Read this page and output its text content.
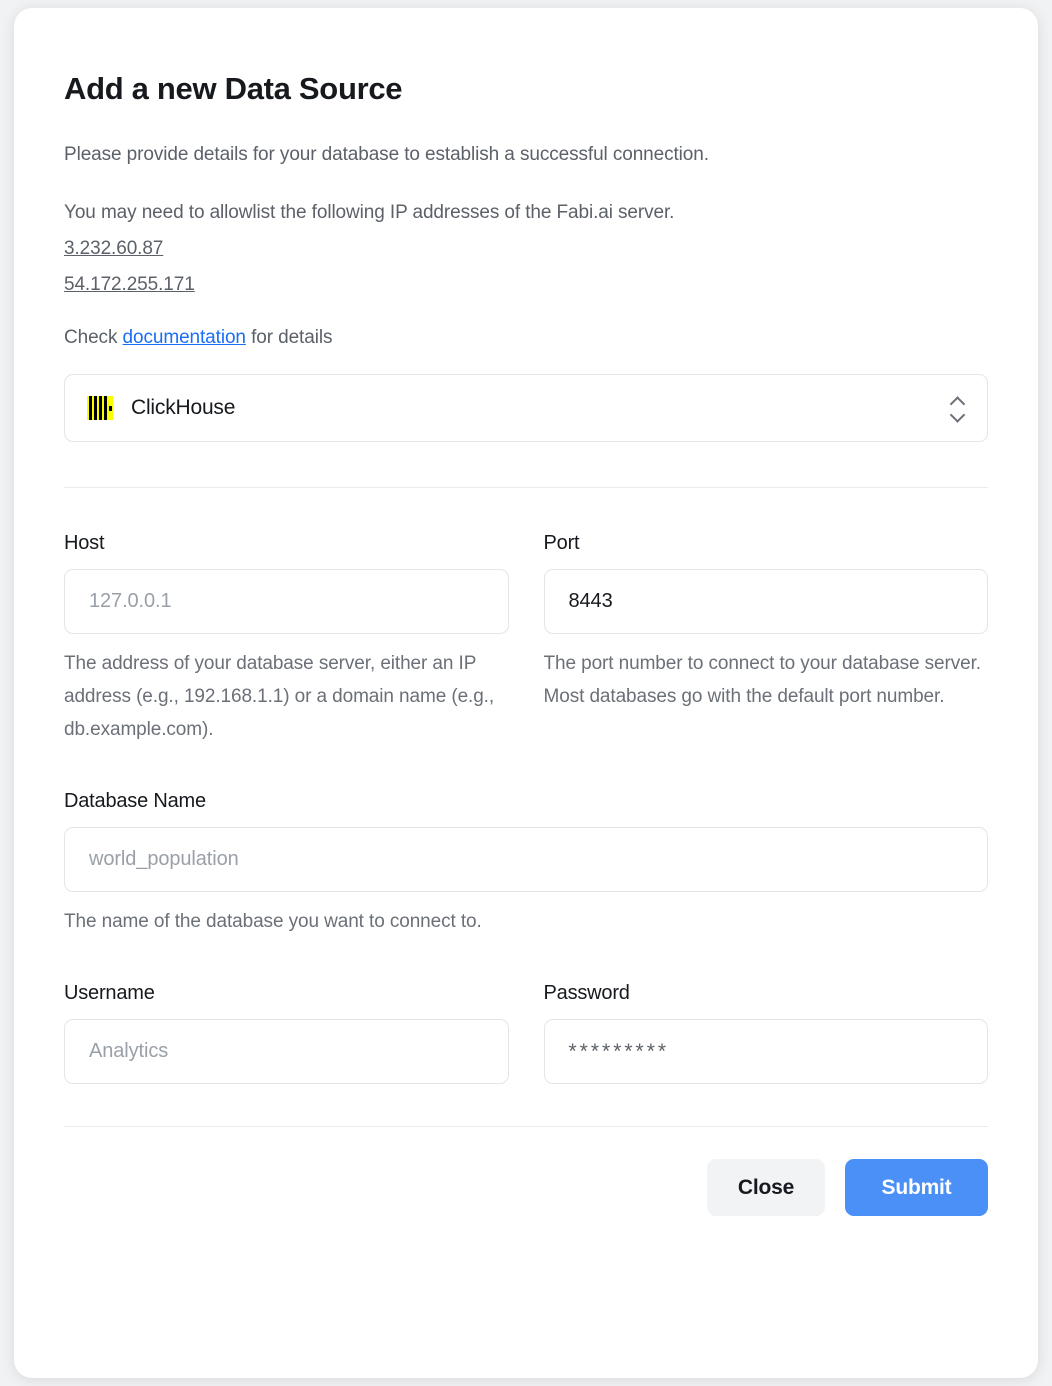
Add a new Data Source

Please provide details for your database to establish a successful connection.

You may need to allowlist the following IP addresses of the Fabi.ai server.

3.232.60.87
54.172.255.171
Check documentation for details
ClickHouse
Host
127.0.0.1
The address of your database server, either an IP address (e.g., 192.168.1.1) or a domain name (e.g., db.example.com).
Port
8443
The port number to connect to your database server. Most databases go with the default port number.
Database Name
world_population
The name of the database you want to connect to.
Username
Analytics
Password
*********
Close	Submit
